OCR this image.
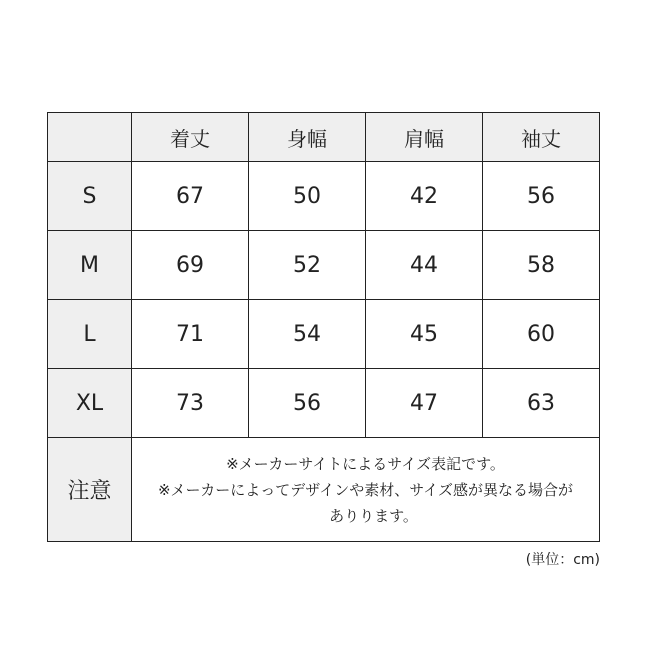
	着丈	身幅	肩幅	袖丈
S	67	50	42	56
M	69	52	44	58
L	71	54	45	60
XL	73	56	47	63
注意	※メーカーサイトによるサイズ表記です。
※メーカーによってデザインや素材、サイズ感が異なる場合が
ありります。			
(単位：cm)
